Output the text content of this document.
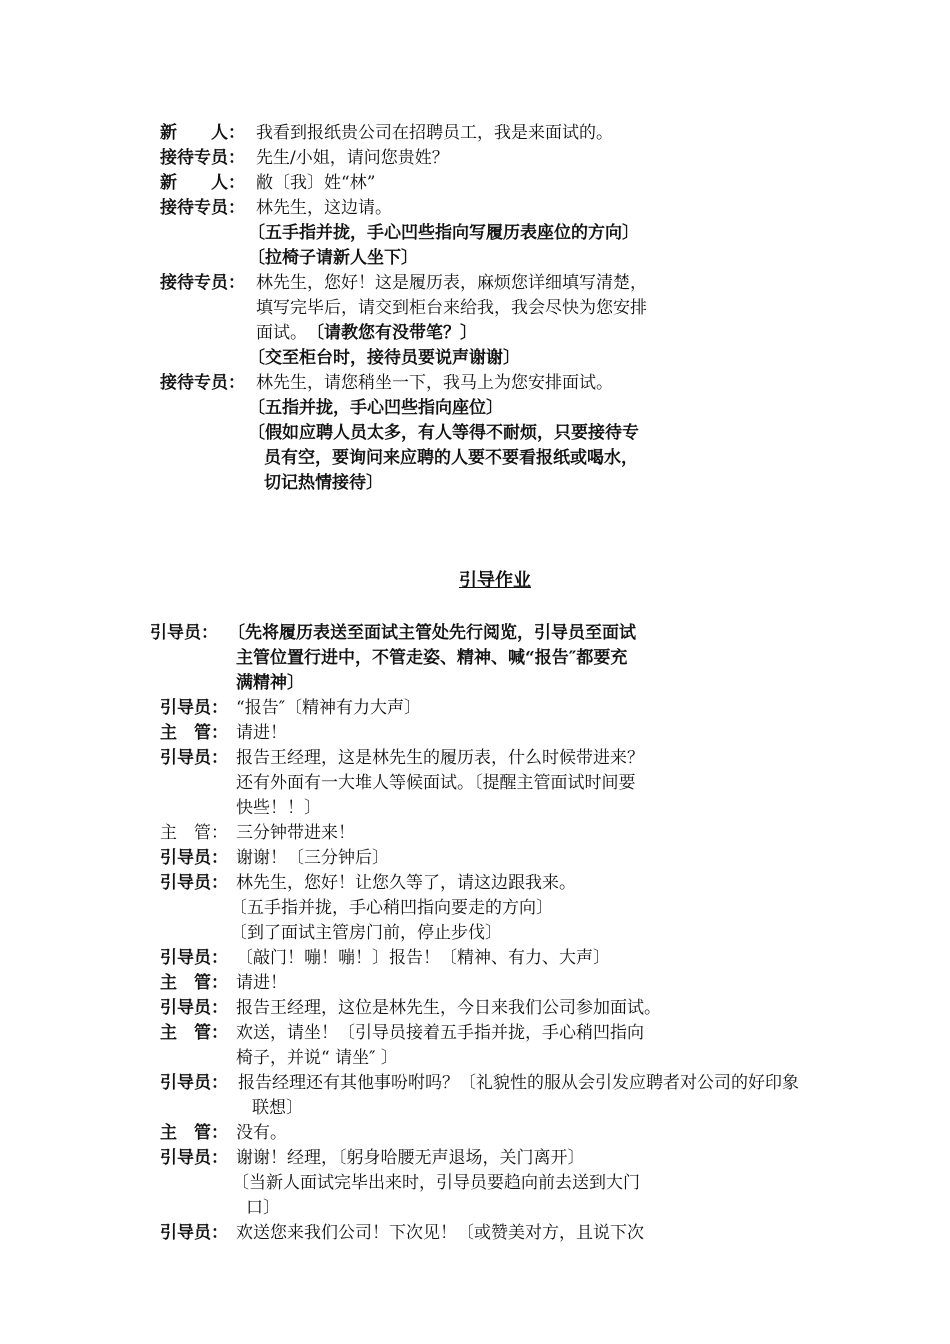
新　　人： 我看到报纸贵公司在招聘员工，我是来面试的。
接待专员： 先生/小姐，请问您贵姓？
新　　人： 敝〔我〕姓“林”
接待专员： 林先生，这边请。
〔五手指并拢，手心凹些指向写履历表座位的方向〕
〔拉椅子请新人坐下〕
接待专员： 林先生，您好！这是履历表，麻烦您详细填写清楚，
填写完毕后，请交到柜台来给我，我会尽快为您安排
面试。 〔请教您有没带笔？〕
〔交至柜台时，接待员要说声谢谢〕
接待专员： 林先生，请您稍坐一下，我马上为您安排面试。
〔五指并拢，手心凹些指向座位〕
〔假如应聘人员太多，有人等得不耐烦，只要接待专
员有空，要询问来应聘的人要不要看报纸或喝水，
切记热情接待〕
引导作业
引导员： 〔先将履历表送至面试主管处先行阅览，引导员至面试
主管位置行进中，不管走姿、精神、喊“报告″都要充
满精神〕
引导员： “报告″〔精神有力大声〕
主　管： 请进！
引导员： 报告王经理，这是林先生的履历表，什么时候带进来？
还有外面有一大堆人等候面试。〔提醒主管面试时间要
快些！！〕
主　管： 三分钟带进来！
引导员： 谢谢！〔三分钟后〕
引导员： 林先生，您好！让您久等了，请这边跟我来。
〔五手指并拢，手心稍凹指向要走的方向〕
〔到了面试主管房门前，停止步伐〕
引导员： 〔敲门！嘣！嘣！〕报告！〔精神、有力、大声〕
主　管： 请进！
引导员： 报告王经理，这位是林先生，今日来我们公司参加面试。
主　管： 欢送，请坐！〔引导员接着五手指并拢，手心稍凹指向
椅子，并说“ 请坐″ 〕
引导员： 报告经理还有其他事吩咐吗？〔礼貌性的服从会引发应聘者对公司的好印象
联想〕
主　管： 没有。
引导员： 谢谢！经理，〔躬身哈腰无声退场，关门离开〕
〔当新人面试完毕出来时，引导员要趋向前去送到大门
口〕
引导员： 欢送您来我们公司！下次见！〔或赞美对方，且说下次
